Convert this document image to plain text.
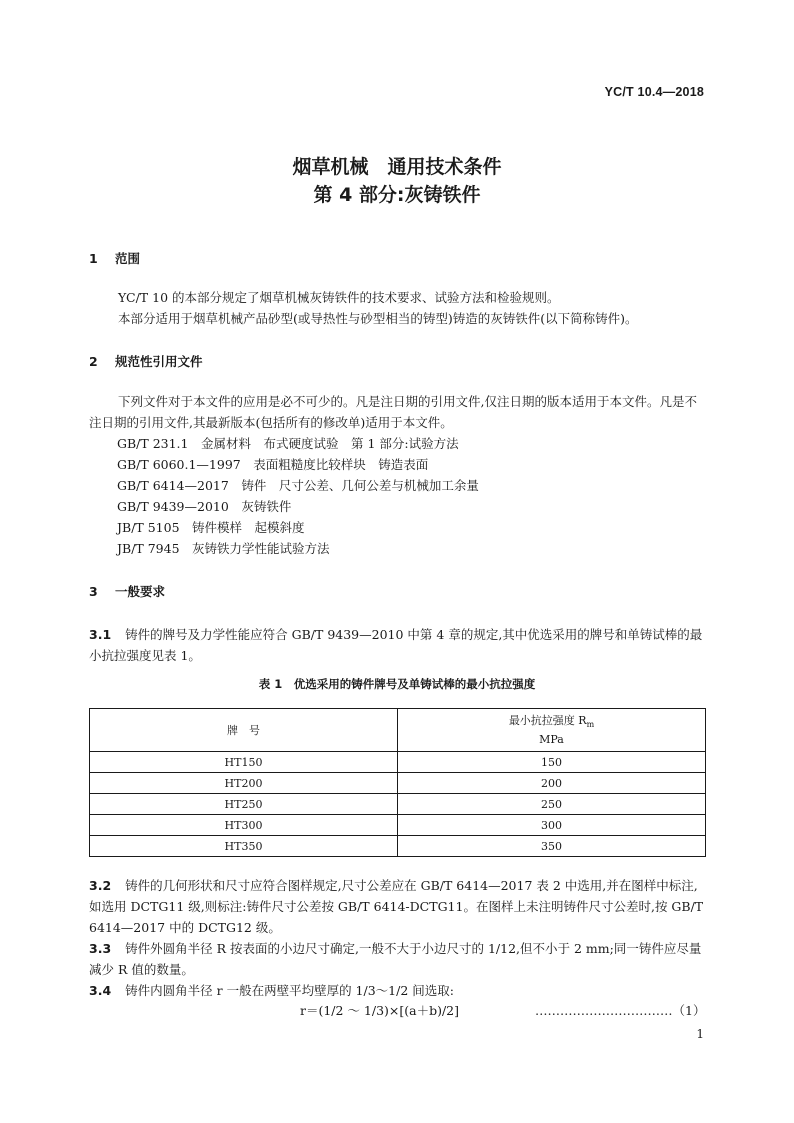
YC/T 10.4—2018
烟草机械　通用技术条件
第 4 部分:灰铸铁件
1 范围
YC/T 10 的本部分规定了烟草机械灰铸铁件的技术要求、试验方法和检验规则。
本部分适用于烟草机械产品砂型(或导热性与砂型相当的铸型)铸造的灰铸铁件(以下简称铸件)。
2 规范性引用文件
下列文件对于本文件的应用是必不可少的。凡是注日期的引用文件,仅注日期的版本适用于本文件。凡是不注日期的引用文件,其最新版本(包括所有的修改单)适用于本文件。
GB/T 231.1　金属材料　布式硬度试验　第 1 部分:试验方法
GB/T 6060.1—1997　表面粗糙度比较样块　铸造表面
GB/T 6414—2017　铸件　尺寸公差、几何公差与机械加工余量
GB/T 9439—2010　灰铸铁件
JB/T 5105　铸件模样　起模斜度
JB/T 7945　灰铸铁力学性能试验方法
3 一般要求
3.1 铸件的牌号及力学性能应符合 GB/T 9439—2010 中第 4 章的规定,其中优选采用的牌号和单铸试棒的最小抗拉强度见表 1。
表 1　优选采用的铸件牌号及单铸试棒的最小抗拉强度
牌　号	最小抗拉强度 $R_m$
MPa
HT150	150
HT200	200
HT250	250
HT300	300
HT350	350
3.2 铸件的几何形状和尺寸应符合图样规定,尺寸公差应在 GB/T 6414—2017 表 2 中选用,并在图样中标注,如选用 DCTG11 级,则标注:铸件尺寸公差按 GB/T 6414-DCTG11。在图样上未注明铸件尺寸公差时,按 GB/T 6414—2017 中的 DCTG12 级。
3.3 铸件外圆角半径 R 按表面的小边尺寸确定,一般不大于小边尺寸的 1/12,但不小于 2 mm;同一铸件应尽量减少 R 值的数量。
3.4 铸件内圆角半径 r 一般在两壁平均壁厚的 1/3～1/2 间选取:
r＝(1/2 ～ 1/3)×[(a＋b)/2]	……………………………（1）
1
